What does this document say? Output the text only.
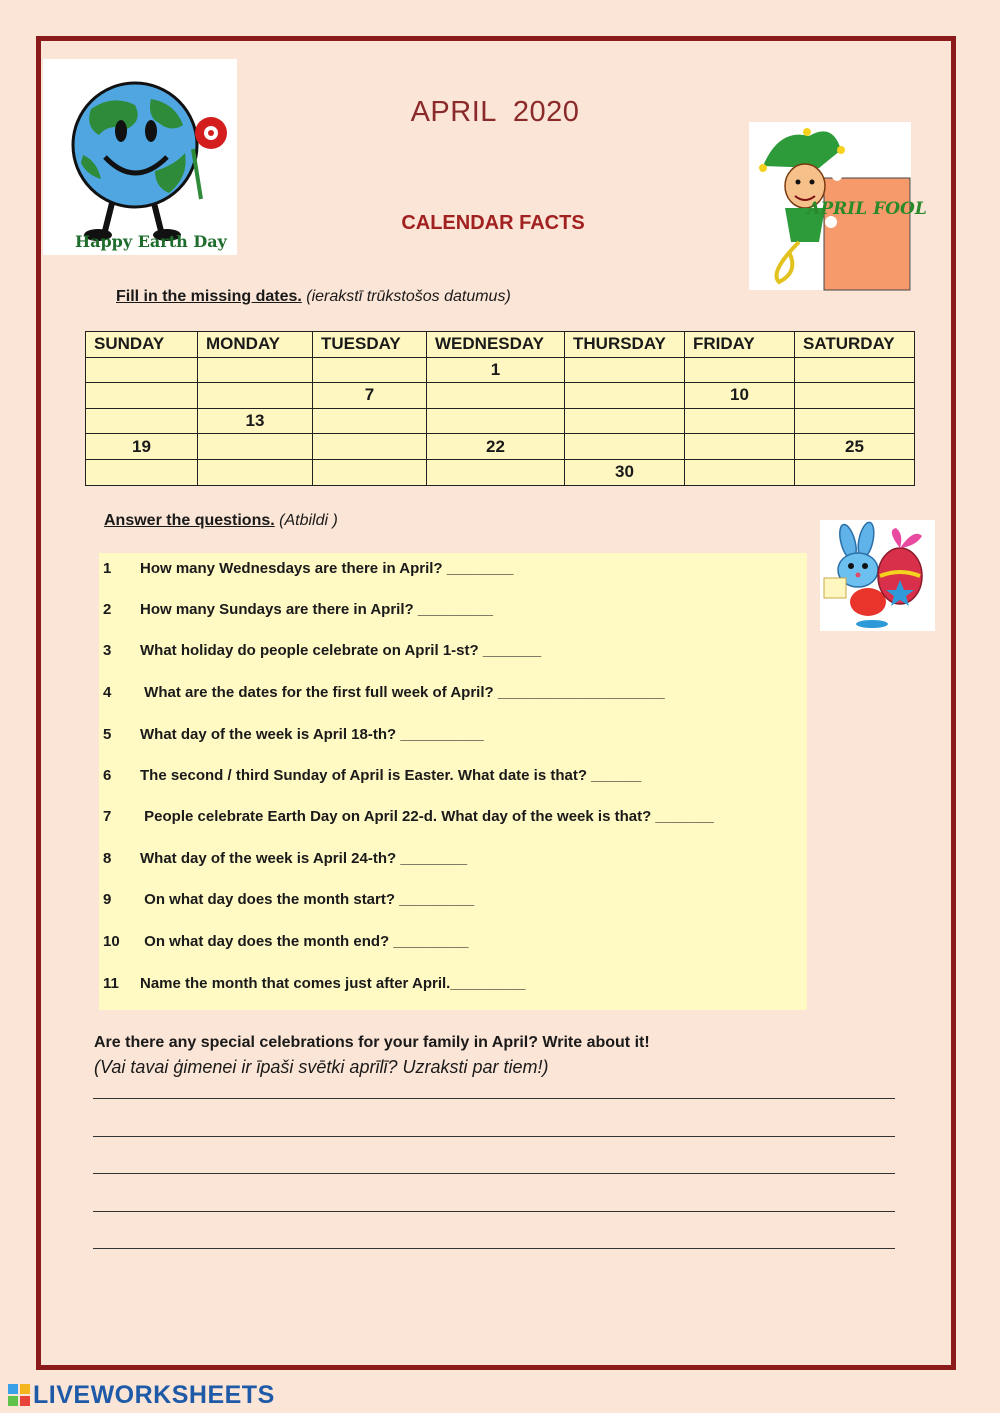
Happy Earth Day
APRIL FOOL
APRIL  2020
CALENDAR FACTS
Fill in the missing dates. (ierakstī trūkstošos datumus)
SUNDAY	MONDAY	TUESDAY	WEDNESDAY	THURSDAY	FRIDAY	SATURDAY
			1			
		7			10	
	13					
19			22			25
				30		
Answer the questions. (Atbildi )
1 How many Wednesdays are there in April? ________
2 How many Sundays are there in April? _________
3 What holiday do people celebrate on April 1-st? _______
4 What are the dates for the first full week of April? ____________________
5 What day of the week is April 18-th? __________
6 The second / third Sunday of April is Easter. What date is that? ______
7 People celebrate Earth Day on April 22-d. What day of the week is that? _______
8 What day of the week is April 24-th? ________
9 On what day does the month start? _________
10 On what day does the month end? _________
11 Name the month that comes just after April._________
Are there any special celebrations for your family in April? Write about it!
(Vai tavai ģimenei ir īpaši svētki aprīlī? Uzraksti par tiem!)
LIVEWORKSHEETS
